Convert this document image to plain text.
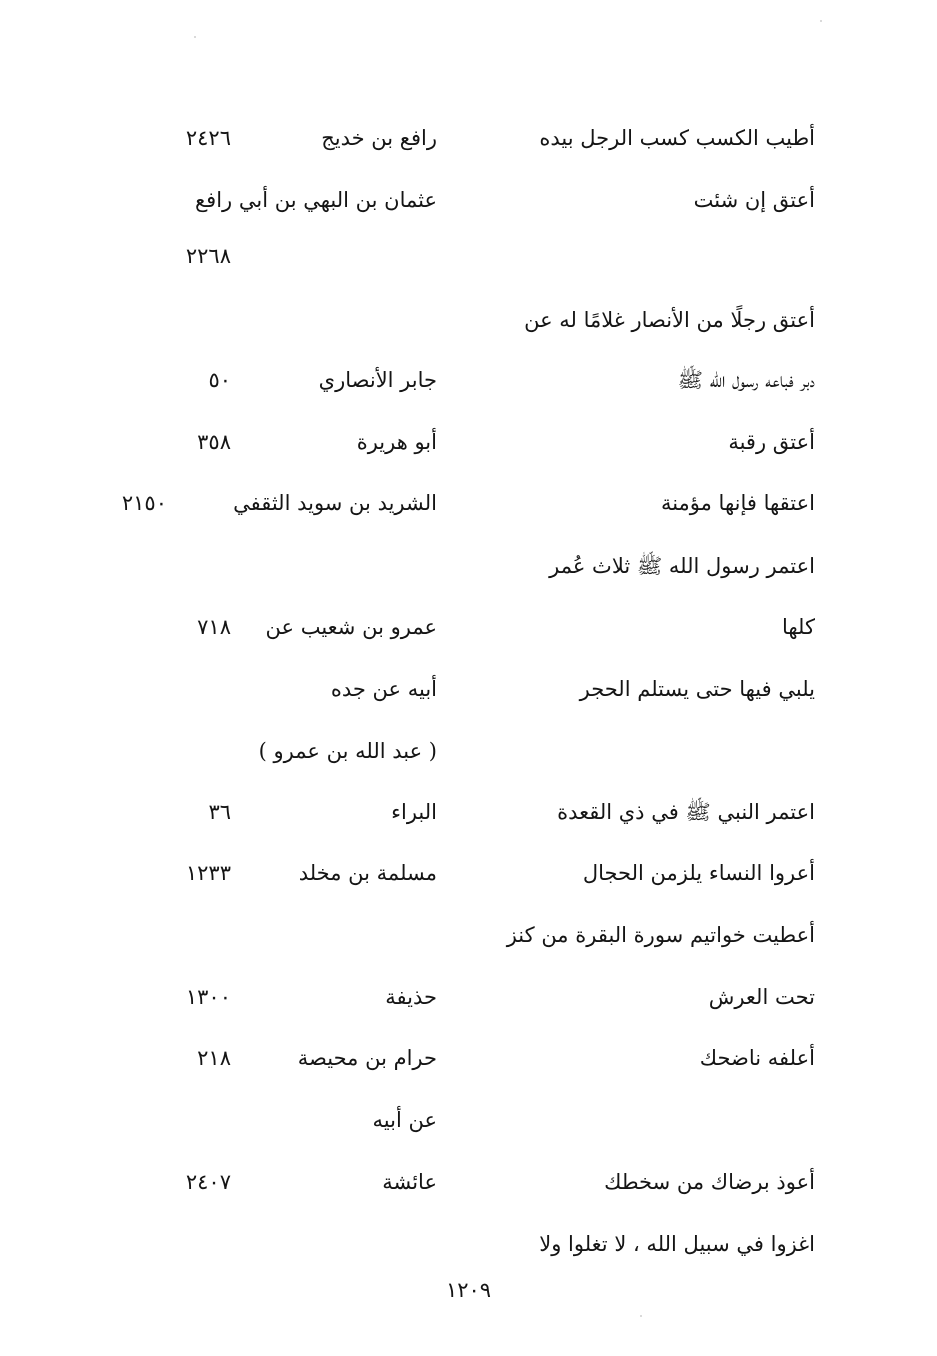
أطيب الكسب كسب الرجل بيده
رافع بن خديج
٢٤٢٦
أعتق إن شئت
عثمان بن البهي بن أبي رافع
٢٢٦٨
أعتق رجلًا من الأنصار غلامًا له عن
دبر فباعه رسول الله ﷺ
جابر الأنصاري
٥٠
أعتق رقبة
أبو هريرة
٣٥٨
اعتقها فإنها مؤمنة
الشريد بن سويد الثقفي
٢١٥٠
اعتمر رسول الله ﷺ ثلاث عُمر
كلها
عمرو بن شعيب عن
٧١٨
يلبي فيها حتى يستلم الحجر
أبيه عن جده
( عبد الله بن عمرو )
اعتمر النبي ﷺ في ذي القعدة
البراء
٣٦
أعروا النساء يلزمن الحجال
مسلمة بن مخلد
١٢٣٣
أعطيت خواتيم سورة البقرة من كنز
تحت العرش
حذيفة
١٣٠٠
أعلفه ناضحك
حرام بن محيصة
٢١٨
عن أبيه
أعوذ برضاك من سخطك
عائشة
٢٤٠٧
اغزوا في سبيل الله ، لا تغلوا ولا
١٢٠٩
